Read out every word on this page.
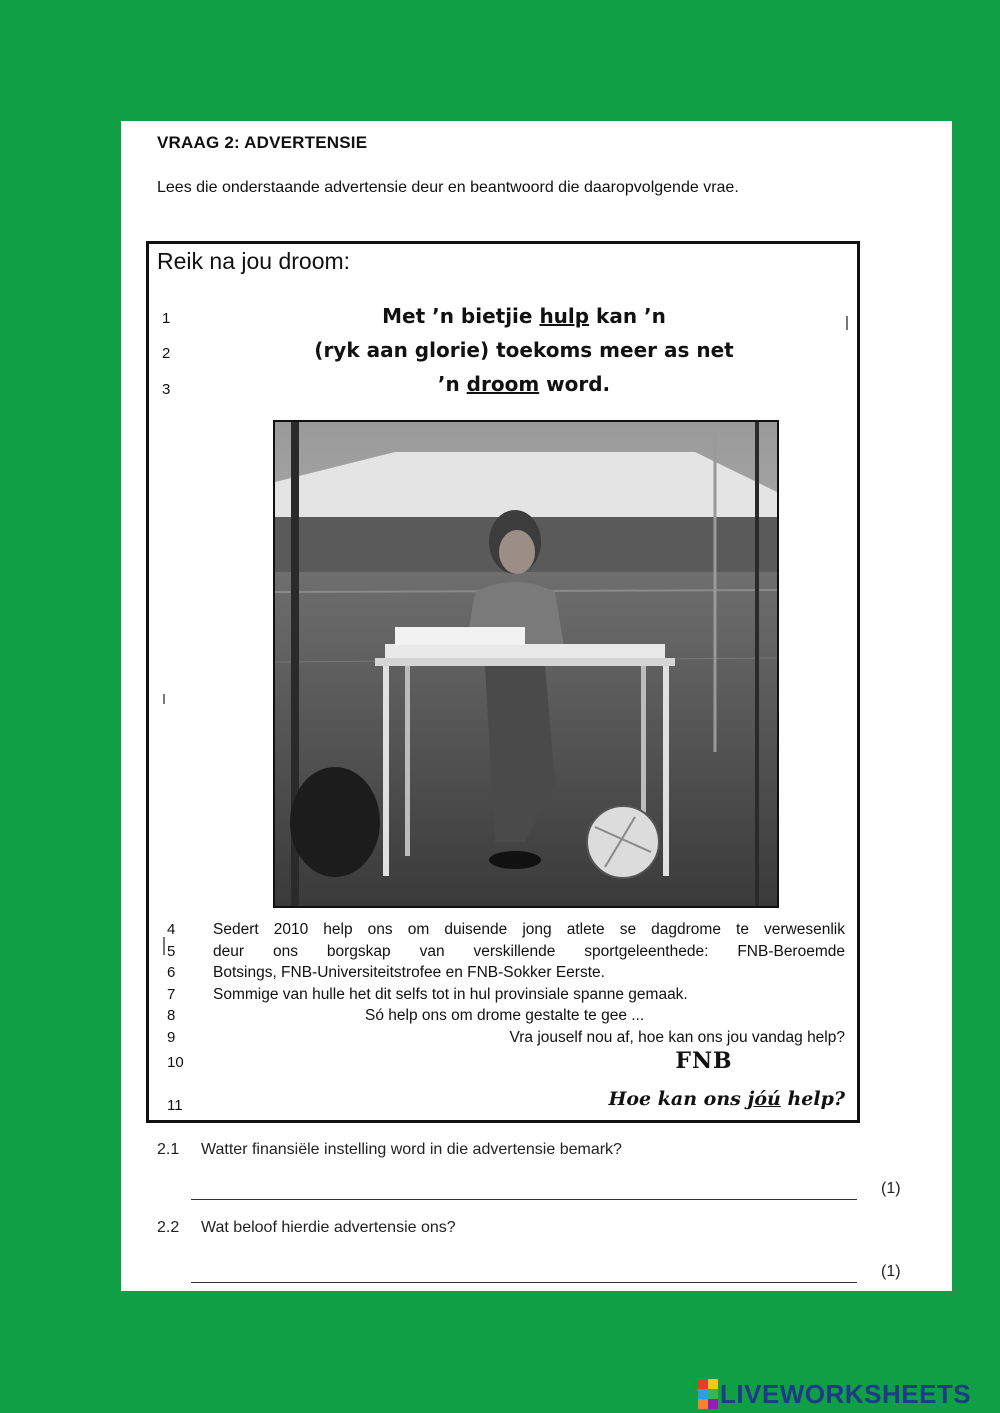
VRAAG 2: ADVERTENSIE
Lees die onderstaande advertensie deur en beantwoord die daaropvolgende vrae.
Reik na jou droom:
1
2
3
4
5
6
7
8
9
10
11
Met ’n bietjie hulp kan ’n
(ryk aan glorie) toekoms meer as net
’n droom word.
Sedert 2010 help ons om duisende jong atlete se dagdrome te verwesenlik
deur ons borgskap van verskillende sportgeleenthede: FNB-Beroemde
Botsings, FNB-Universiteitstrofee en FNB-Sokker Eerste.
Sommige van hulle het dit selfs tot in hul provinsiale spanne gemaak.
Só help ons om drome gestalte te gee ...
Vra jouself nou af, hoe kan ons jou vandag help?
FNB
Hoe kan ons jóú help?
2.1 Watter finansiële instelling word in die advertensie bemark?
(1)
2.2 Wat beloof hierdie advertensie ons?
(1)
LIVEWORKSHEETS
